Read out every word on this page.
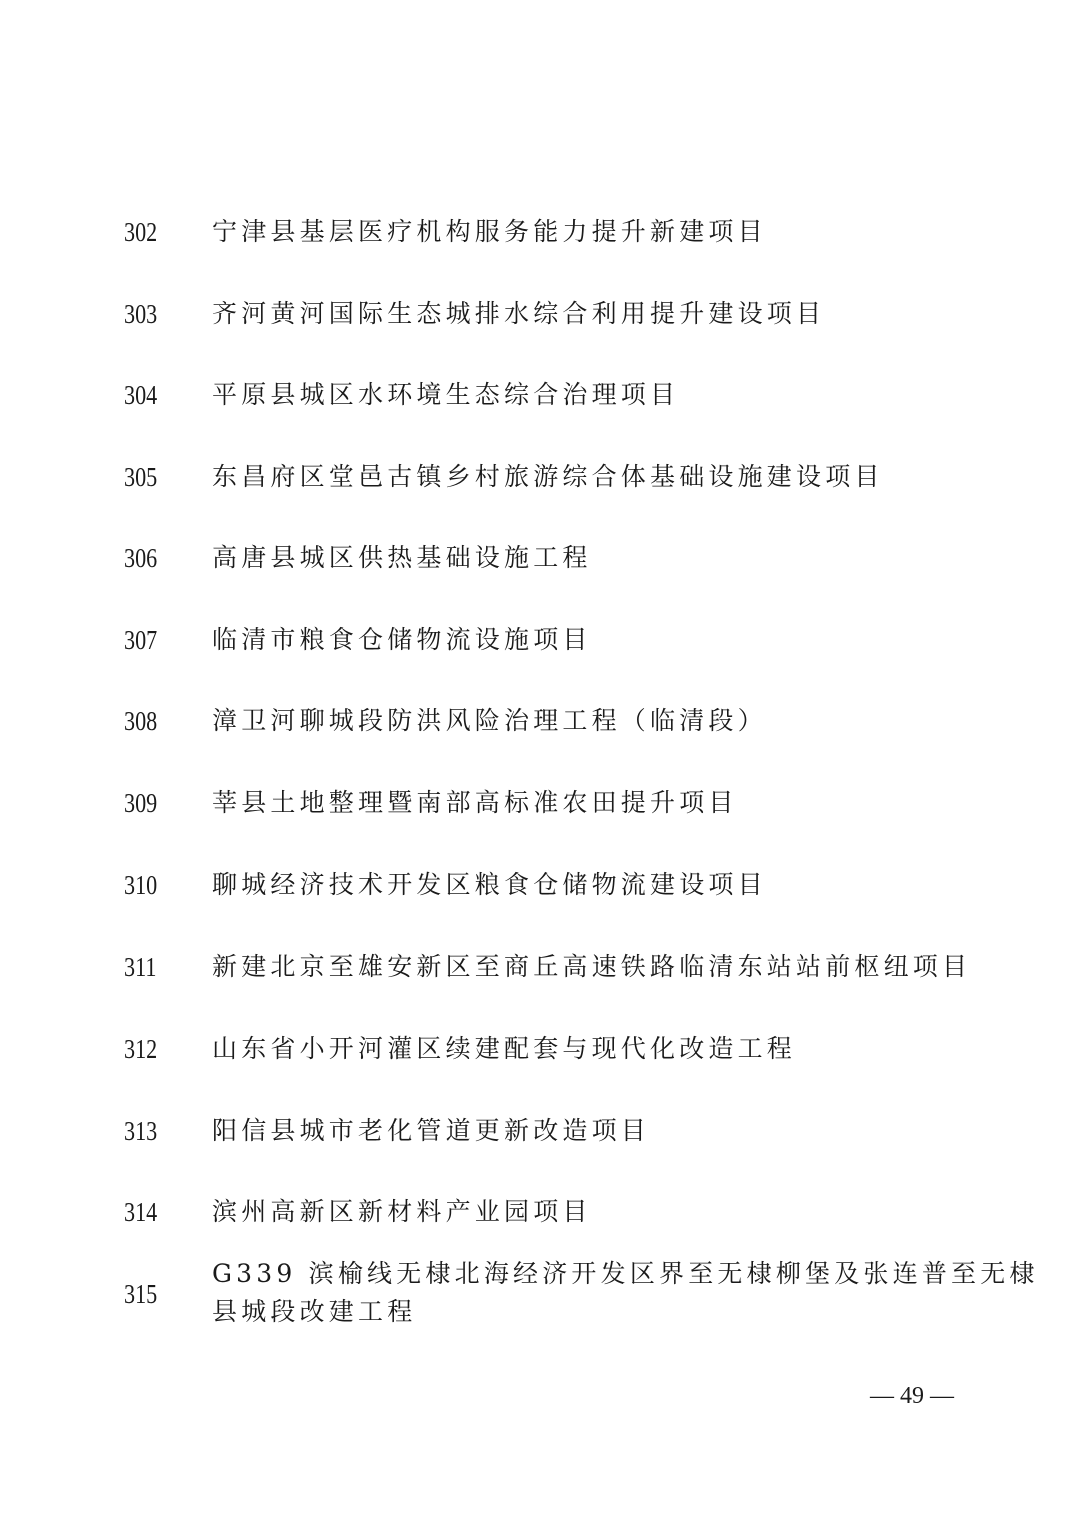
302 宁津县基层医疗机构服务能力提升新建项目
303 齐河黄河国际生态城排水综合利用提升建设项目
304 平原县城区水环境生态综合治理项目
305 东昌府区堂邑古镇乡村旅游综合体基础设施建设项目
306 高唐县城区供热基础设施工程
307 临清市粮食仓储物流设施项目
308 漳卫河聊城段防洪风险治理工程（临清段）
309 莘县土地整理暨南部高标准农田提升项目
310 聊城经济技术开发区粮食仓储物流建设项目
311 新建北京至雄安新区至商丘高速铁路临清东站站前枢纽项目
312 山东省小开河灌区续建配套与现代化改造工程
313 阳信县城市老化管道更新改造项目
314 滨州高新区新材料产业园项目
315
G339 滨榆线无棣北海经济开发区界至无棣柳堡及张连普至无棣
县城段改建工程
— 49 —
